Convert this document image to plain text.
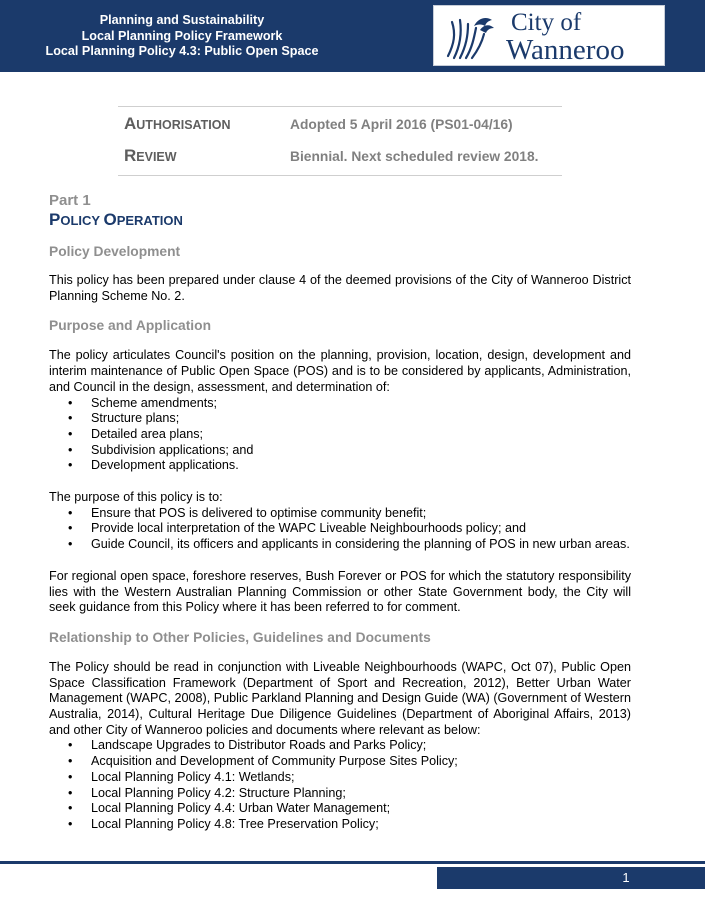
Planning and Sustainability
Local Planning Policy Framework
Local Planning Policy 4.3: Public Open Space
City of
Wanneroo
AUTHORISATION	Adopted 5 April 2016 (PS01-04/16)
REVIEW	Biennial. Next scheduled review 2018.
Part 1
POLICY OPERATION
Policy Development

This policy has been prepared under clause 4 of the deemed provisions of the City of Wanneroo District Planning Scheme No. 2.

Purpose and Application

The policy articulates Council's position on the planning, provision, location, design, development and interim maintenance of Public Open Space (POS) and is to be considered by applicants, Administration, and Council in the design, assessment, and determination of:

• Scheme amendments;
• Structure plans;
• Detailed area plans;
• Subdivision applications; and
• Development applications.

The purpose of this policy is to:

• Ensure that POS is delivered to optimise community benefit;
• Provide local interpretation of the WAPC Liveable Neighbourhoods policy; and
• Guide Council, its officers and applicants in considering the planning of POS in new urban areas.

For regional open space, foreshore reserves, Bush Forever or POS for which the statutory responsibility lies with the Western Australian Planning Commission or other State Government body, the City will seek guidance from this Policy where it has been referred to for comment.

Relationship to Other Policies, Guidelines and Documents

The Policy should be read in conjunction with Liveable Neighbourhoods (WAPC, Oct 07), Public Open Space Classification Framework (Department of Sport and Recreation, 2012), Better Urban Water Management (WAPC, 2008), Public Parkland Planning and Design Guide (WA) (Government of Western Australia, 2014), Cultural Heritage Due Diligence Guidelines (Department of Aboriginal Affairs, 2013) and other City of Wanneroo policies and documents where relevant as below:

• Landscape Upgrades to Distributor Roads and Parks Policy;
• Acquisition and Development of Community Purpose Sites Policy;
• Local Planning Policy 4.1: Wetlands;
• Local Planning Policy 4.2: Structure Planning;
• Local Planning Policy 4.4: Urban Water Management;
• Local Planning Policy 4.8: Tree Preservation Policy;
1
